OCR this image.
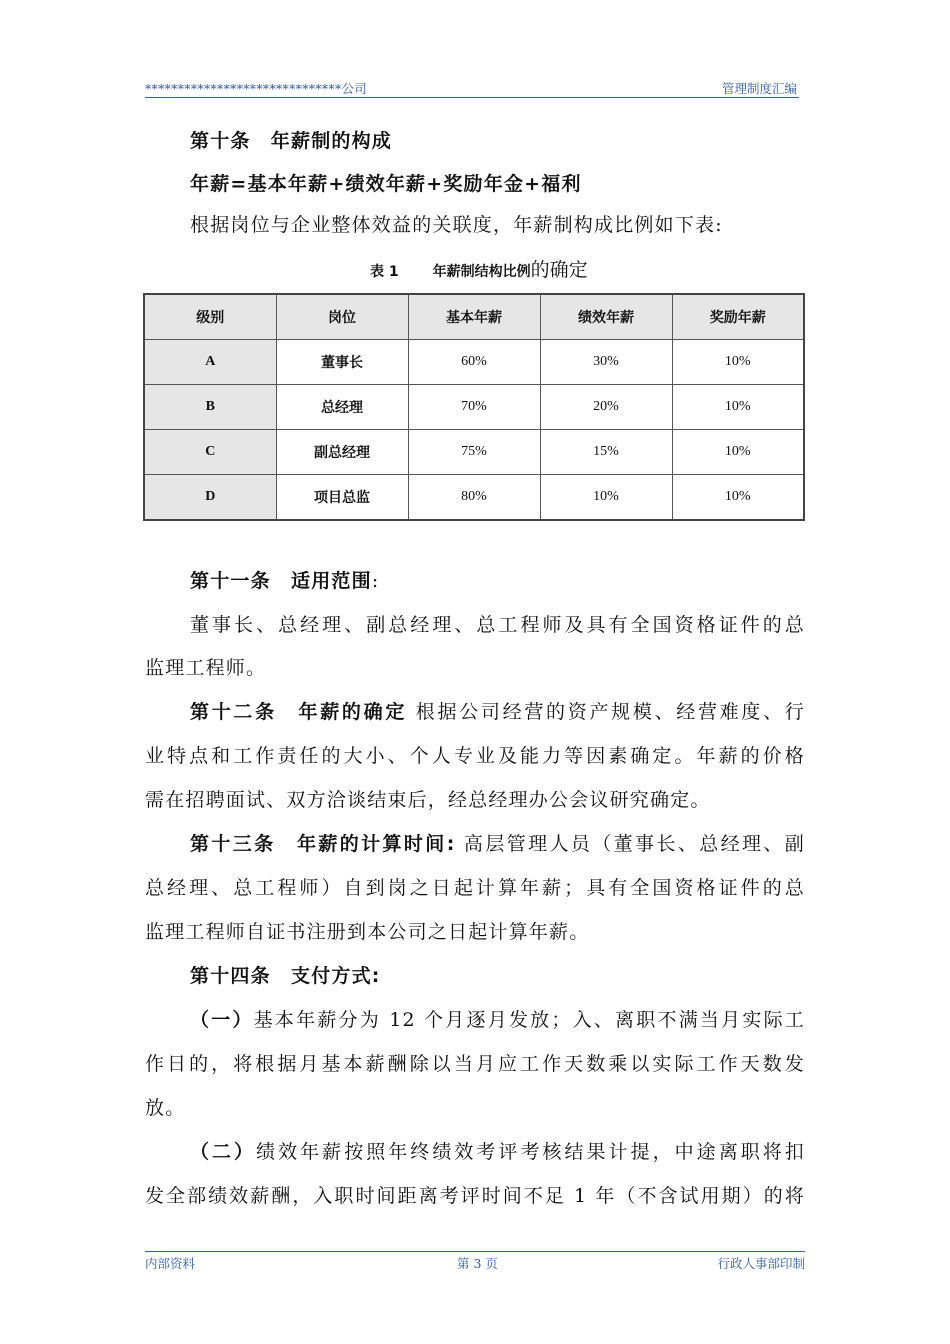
******************************公司	管理制度汇编
第十条　年薪制的构成
年薪=基本年薪+绩效年薪+奖励年金+福利
根据岗位与企业整体效益的关联度，年薪制构成比例如下表:
表 1 年薪制结构比例的确定
级别	岗位	基本年薪	绩效年薪	奖励年薪
A	董事长	60%	30%	10%
B	总经理	70%	20%	10%
C	副总经理	75%	15%	10%
D	项目总监	80%	10%	10%
第十一条　适用范围:
董事长、总经理、副总经理、总工程师及具有全国资格证件的总
监理工程师。
第十二条　年薪的确定 根据公司经营的资产规模、经营难度、行
业特点和工作责任的大小、个人专业及能力等因素确定。年薪的价格
需在招聘面试、双方洽谈结束后，经总经理办公会议研究确定。
第十三条　年薪的计算时间: 高层管理人员（董事长、总经理、副
总经理、总工程师）自到岗之日起计算年薪；具有全国资格证件的总
监理工程师自证书注册到本公司之日起计算年薪。
第十四条　支付方式:
（一）基本年薪分为 12 个月逐月发放；入、离职不满当月实际工
作日的，将根据月基本薪酬除以当月应工作天数乘以实际工作天数发
放。
（二）绩效年薪按照年终绩效考评考核结果计提，中途离职将扣
发全部绩效薪酬，入职时间距离考评时间不足 1 年（不含试用期）的将
内部资料	第 3 页	行政人事部印制
